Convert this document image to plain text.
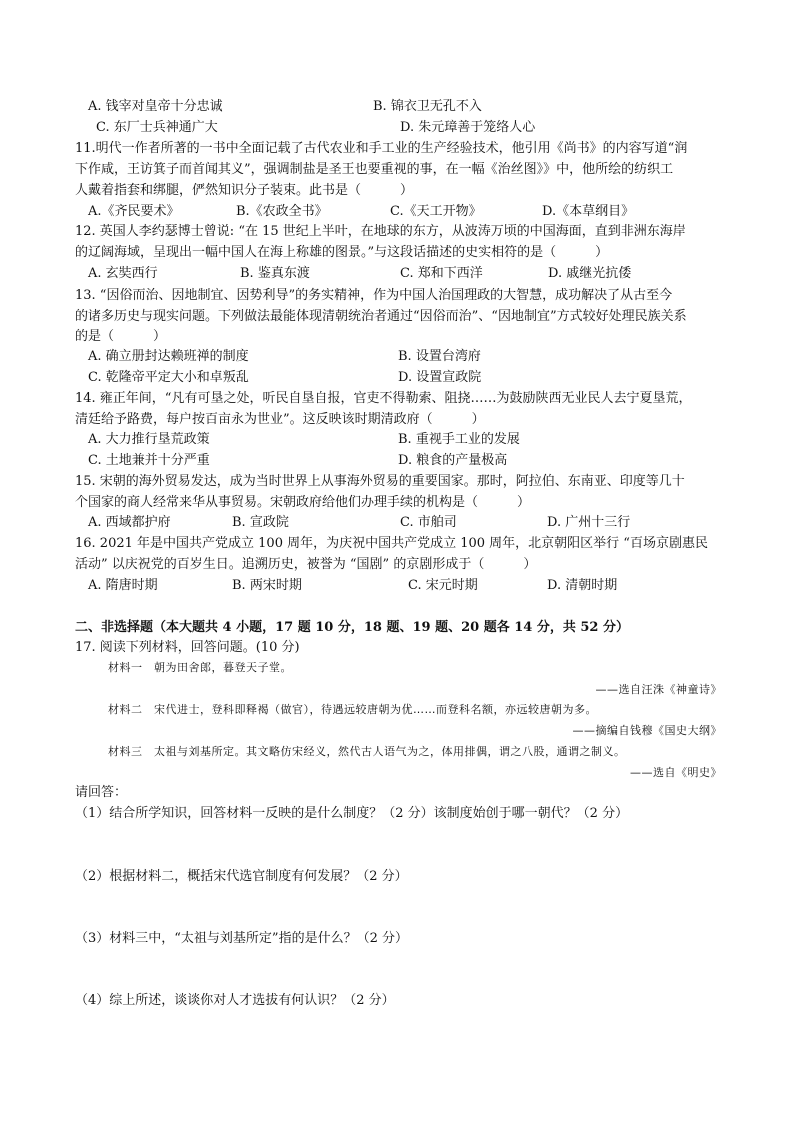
A. 钱宰对皇帝十分忠诚	B. 锦衣卫无孔不入
C. 东厂士兵神通广大	D. 朱元璋善于笼络人心
11.明代一作者所著的一书中全面记载了古代农业和手工业的生产经验技术，他引用《尚书》的内容写道“润
下作咸，王访箕子而首闻其义”，强调制盐是圣王也要重视的事，在一幅《治丝图》》中，他所绘的纺织工
人戴着指套和绑腿，俨然知识分子装束。此书是（　　　）
A.《齐民要术》	B.《农政全书》	C.《天工开物》	D.《本草纲目》
12. 英国人李约瑟博士曾说: “在 15 世纪上半叶，在地球的东方，从波涛万顷的中国海面，直到非洲东海岸
的辽阔海域，呈现出一幅中国人在海上称雄的图景。”与这段话描述的史实相符的是（　　　）
A. 玄奘西行	B. 鉴真东渡	C. 郑和下西洋	D. 戚继光抗倭
13. “因俗而治、因地制宜、因势利导”的务实精神，作为中国人治国理政的大智慧，成功解决了从古至今
的诸多历史与现实问题。下列做法最能体现清朝统治者通过“因俗而治”、“因地制宜”方式较好处理民族关系
的是（　　　）
A. 确立册封达赖班禅的制度	B. 设置台湾府
C. 乾隆帝平定大小和卓叛乱	D. 设置宣政院
14. 雍正年间，“凡有可垦之处，听民自垦自报，官吏不得勒索、阻挠……为鼓励陕西无业民人去宁夏垦荒，
清廷给予路费，每户按百亩永为世业”。这反映该时期清政府（　　　）
A. 大力推行垦荒政策	B. 重视手工业的发展
C. 土地兼并十分严重	D. 粮食的产量极高
15. 宋朝的海外贸易发达，成为当时世界上从事海外贸易的重要国家。那时，阿拉伯、东南亚、印度等几十
个国家的商人经常来华从事贸易。宋朝政府给他们办理手续的机构是（　　　）
A. 西域都护府	B. 宣政院	C. 市舶司	D. 广州十三行
16. 2021 年是中国共产党成立 100 周年，为庆祝中国共产党成立 100 周年，北京朝阳区举行 “百场京剧惠民
活动” 以庆祝党的百岁生日。追溯历史，被誉为 “国剧” 的京剧形成于（　　　）
A. 隋唐时期	B. 两宋时期	C. 宋元时期	D. 清朝时期
二、非选择题（本大题共 4 小题，17 题 10 分，18 题、19 题、20 题各 14 分，共 52 分）
17. 阅读下列材料，回答问题。(10 分)
材料一　朝为田舍郎，暮登天子堂。
——选自汪洙《神童诗》
材料二　宋代进士，登科即释褐（做官），待遇远较唐朝为优……而登科名额，亦远较唐朝为多。
——摘编自钱穆《国史大纲》
材料三　太祖与刘基所定。其文略仿宋经义，然代古人语气为之，体用排偶，谓之八股，通谓之制义。
——选自《明史》
请回答：
（1）结合所学知识，回答材料一反映的是什么制度？（2 分）该制度始创于哪一朝代？（2 分）
（2）根据材料二，概括宋代选官制度有何发展？（2 分）
（3）材料三中，“太祖与刘基所定”指的是什么？（2 分）
（4）综上所述，谈谈你对人才选拔有何认识？（2 分）
